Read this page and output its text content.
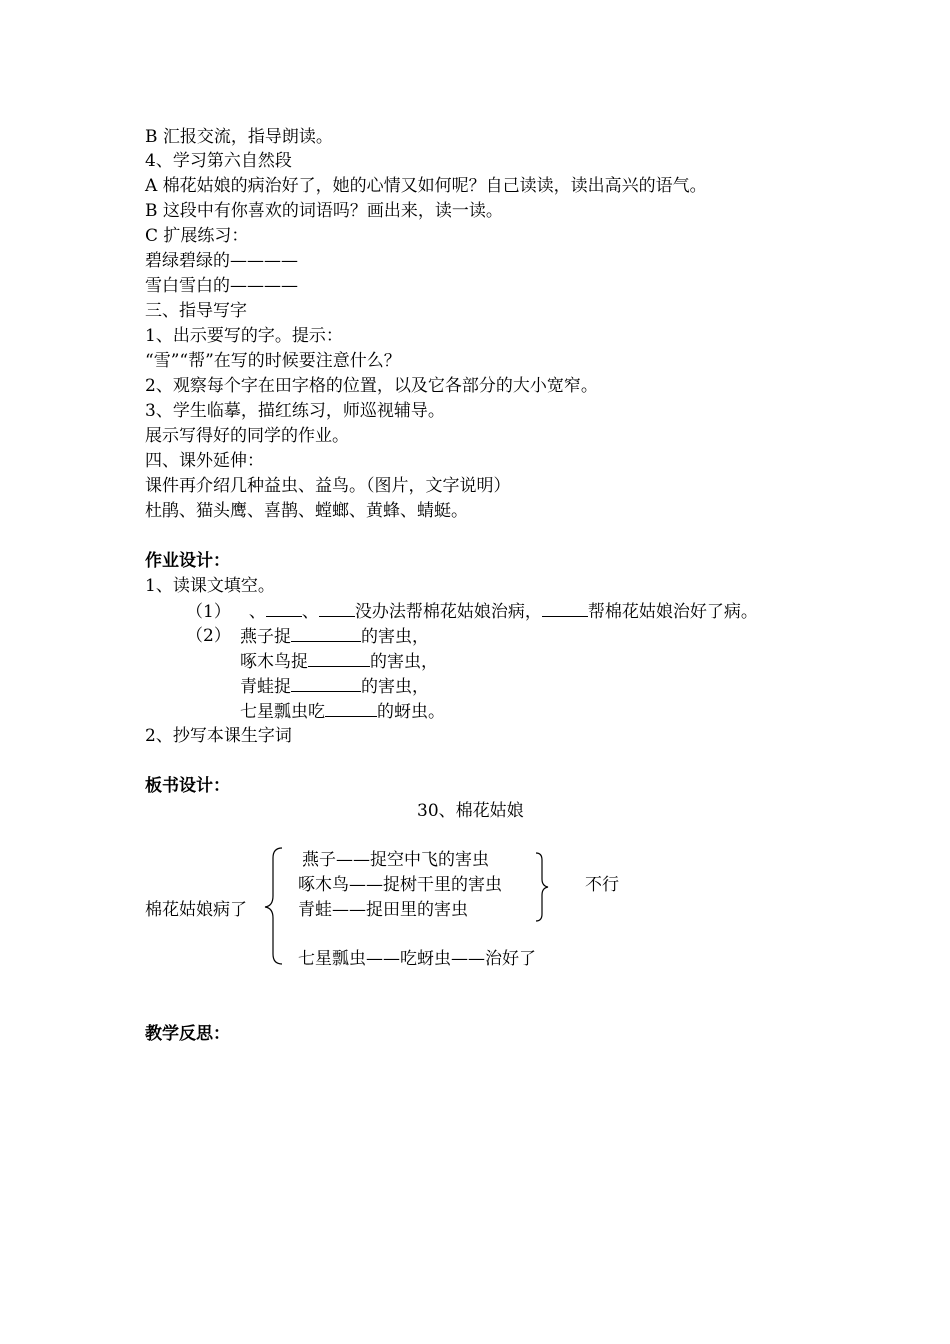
B 汇报交流，指导朗读。
4、学习第六自然段
A 棉花姑娘的病治好了，她的心情又如何呢？自己读读，读出高兴的语气。
B 这段中有你喜欢的词语吗？画出来，读一读。
C 扩展练习：
碧绿碧绿的————
雪白雪白的————
三、指导写字
1、出示要写的字。提示：
“雪”“帮”在写的时候要注意什么？
2、观察每个字在田字格的位置，以及它各部分的大小宽窄。
3、学生临摹，描红练习，师巡视辅导。
展示写得好的同学的作业。
四、课外延伸：
课件再介绍几种益虫、益鸟。（图片，文字说明）
杜鹃、猫头鹰、喜鹊、螳螂、黄蜂、蜻蜓。
作业设计：
1、读课文填空。
（1） 、 、 没办法帮棉花姑娘治病，	帮棉花姑娘治好了病。
（2） 燕子捉	的害虫，
啄木鸟捉	的害虫，
青蛙捉	的害虫，
七星瓢虫吃	的蚜虫。
2、抄写本课生字词
板书设计：
30、棉花姑娘
棉花姑娘病了
燕子——捉空中飞的害虫
啄木鸟——捉树干里的害虫
青蛙——捉田里的害虫
不行
七星瓢虫——吃蚜虫——治好了
教学反思：
